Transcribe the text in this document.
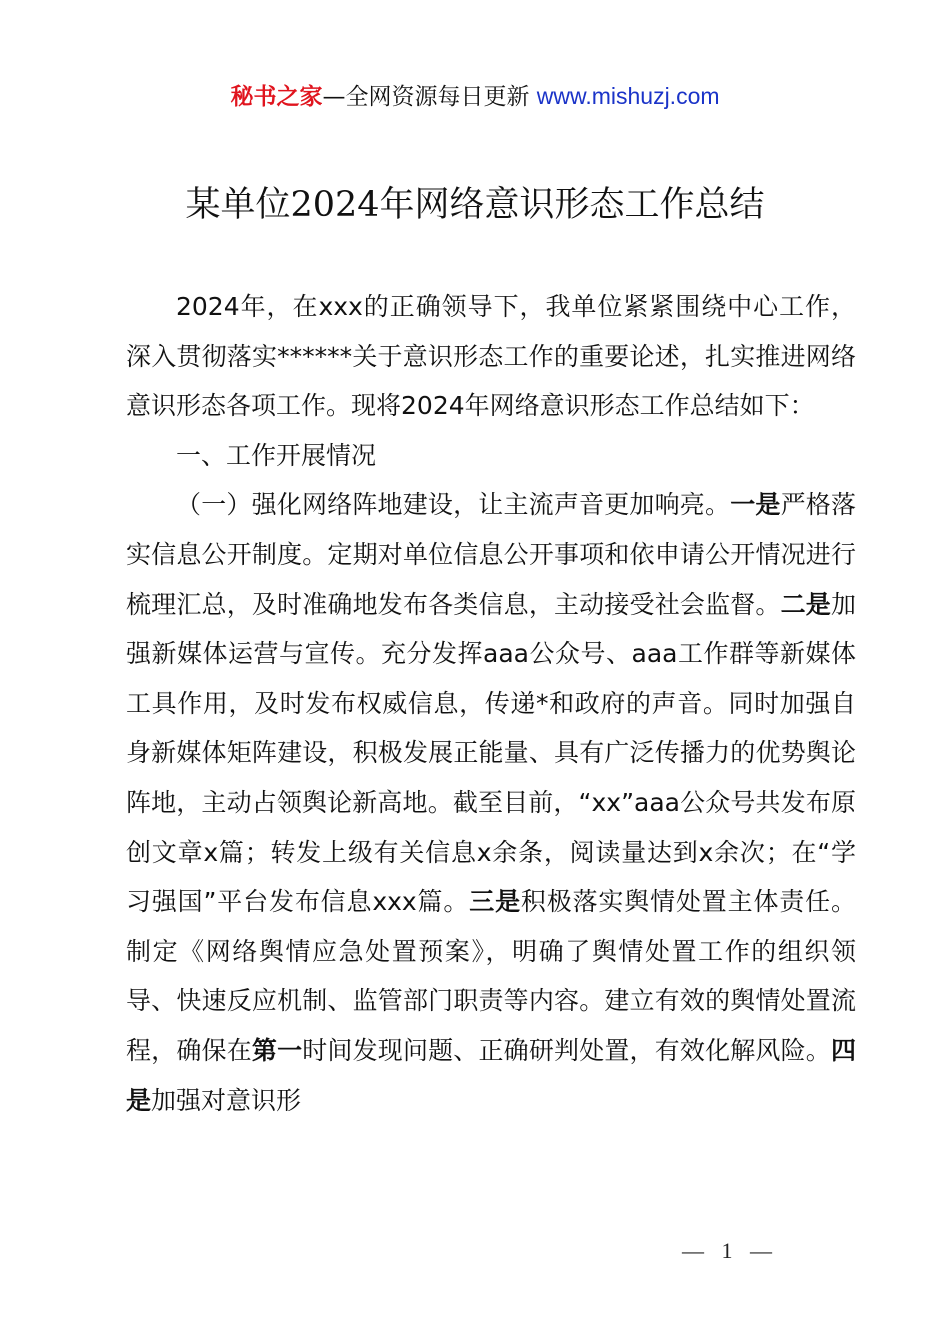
秘书之家—全网资源每日更新 www.mishuzj.com
某单位2024年网络意识形态工作总结

2024年，在xxx的正确领导下，我单位紧紧围绕中心工作，深入贯彻落实******关于意识形态工作的重要论述，扎实推进网络意识形态各项工作。现将2024年网络意识形态工作总结如下：

一、工作开展情况

（一）强化网络阵地建设，让主流声音更加响亮。一是严格落实信息公开制度。定期对单位信息公开事项和依申请公开情况进行梳理汇总，及时准确地发布各类信息，主动接受社会监督。二是加强新媒体运营与宣传。充分发挥aaa公众号、aaa工作群等新媒体工具作用，及时发布权威信息，传递*和政府的声音。同时加强自身新媒体矩阵建设，积极发展正能量、具有广泛传播力的优势舆论阵地，主动占领舆论新高地。截至目前，“xx”aaa公众号共发布原创文章x篇；转发上级有关信息x余条，阅读量达到x余次；在“学习强国”平台发布信息xxx篇。三是积极落实舆情处置主体责任。制定《网络舆情应急处置预案》，明确了舆情处置工作的组织领导、快速反应机制、监管部门职责等内容。建立有效的舆情处置流程，确保在第一时间发现问题、正确研判处置，有效化解风险。四是加强对意识形

— 1 —
